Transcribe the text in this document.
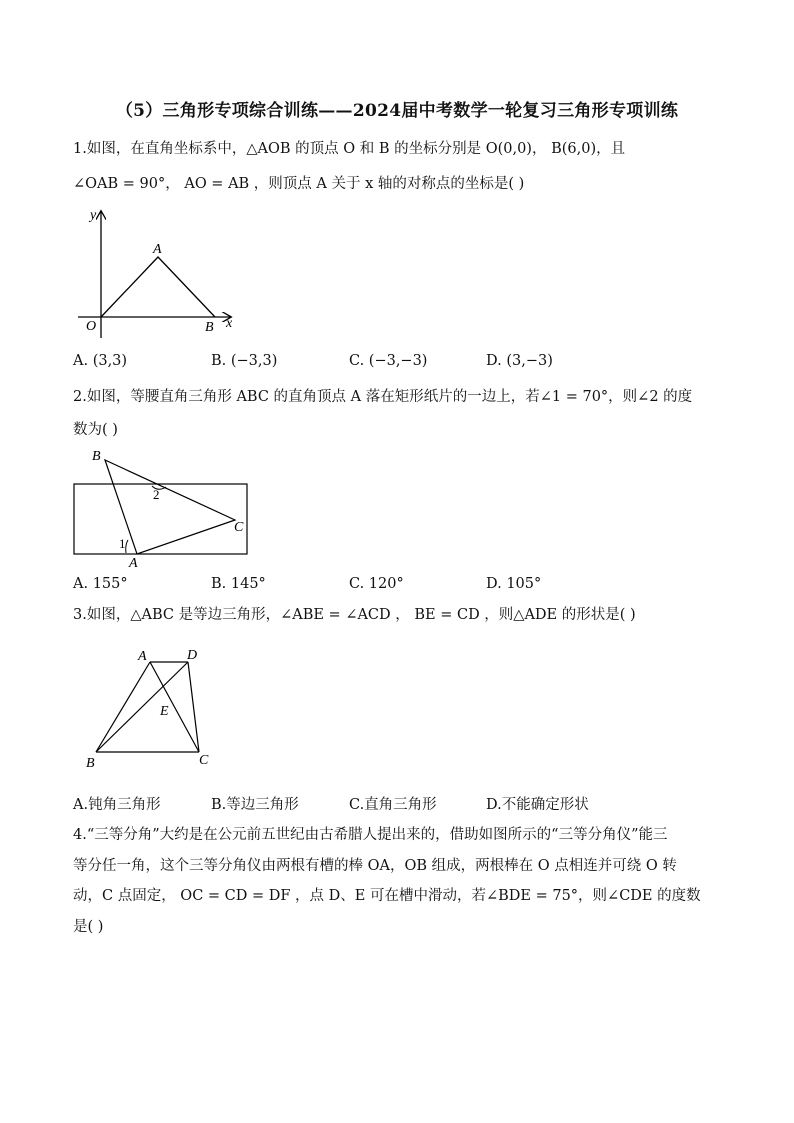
（5）三角形专项综合训练——2024届中考数学一轮复习三角形专项训练
1.如图，在直角坐标系中，△AOB 的顶点 O 和 B 的坐标分别是 O(0,0)， B(6,0)，且
∠OAB = 90°， AO = AB ，则顶点 A 关于 x 轴的对称点的坐标是( )
y
A
O	B x
A. (3,3)	B. (−3,3)	C. (−3,−3)	D. (3,−3)
2.如图，等腰直角三角形 ABC 的直角顶点 A 落在矩形纸片的一边上，若∠1 = 70°，则∠2 的度
数为( )
B
2
C
1
A
A. 155°	B. 145°	C. 120°	D. 105°
3.如图，△ABC 是等边三角形，∠ABE = ∠ACD ， BE = CD ，则△ADE 的形状是( )
A	D
E
B	C
A.钝角三角形	B.等边三角形	C.直角三角形	D.不能确定形状
4.“三等分角”大约是在公元前五世纪由古希腊人提出来的，借助如图所示的“三等分角仪”能三
等分任一角，这个三等分角仪由两根有槽的棒 OA，OB 组成，两根棒在 O 点相连并可绕 O 转
动，C 点固定， OC = CD = DF ，点 D、E 可在槽中滑动，若∠BDE = 75°，则∠CDE 的度数
是( )
